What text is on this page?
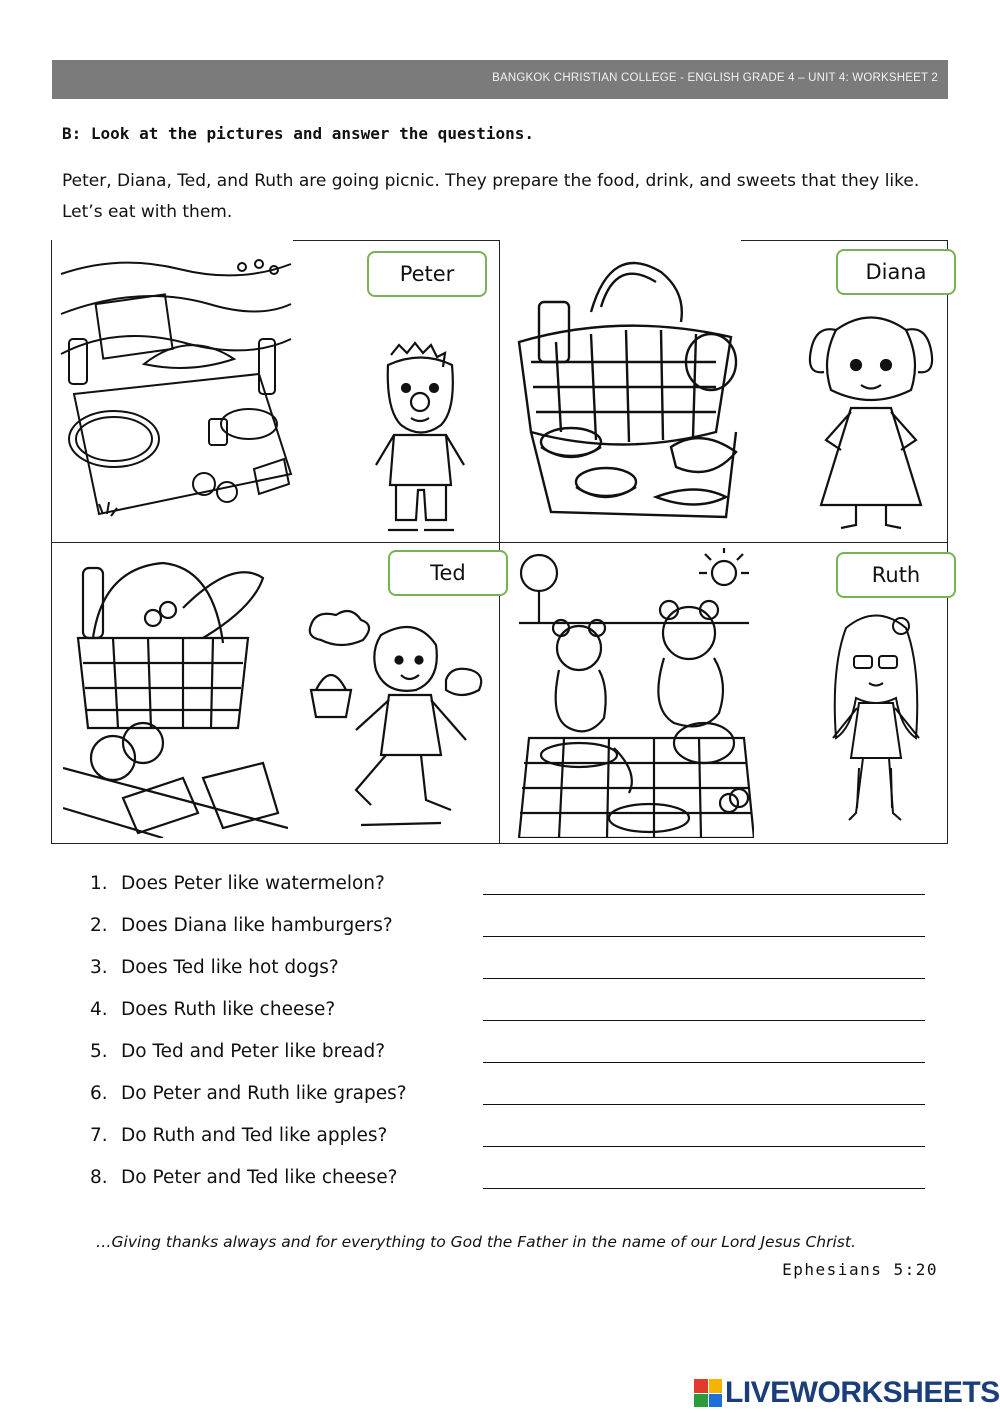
BANGKOK CHRISTIAN COLLEGE - ENGLISH GRADE 4 – UNIT 4: WORKSHEET 2
B: Look at the pictures and answer the questions.
Peter, Diana, Ted, and Ruth are going picnic. They prepare the food, drink, and sweets that they like. Let’s eat with them.
Peter	Diana
Ted	Ruth
1. Does Peter like watermelon?
2. Does Diana like hamburgers?
3. Does Ted like hot dogs?
4. Does Ruth like cheese?
5. Do Ted and Peter like bread?
6. Do Peter and Ruth like grapes?
7. Do Ruth and Ted like apples?
8. Do Peter and Ted like cheese?
…Giving thanks always and for everything to God the Father in the name of our Lord Jesus Christ.
Ephesians 5:20
LIVEWORKSHEETS
